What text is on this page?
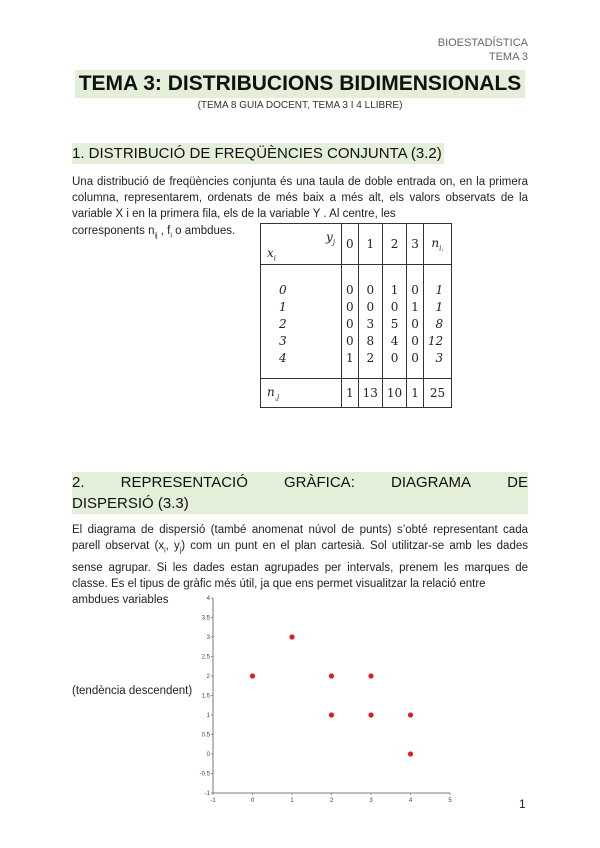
BIOESTADÍSTICA
TEMA 3
TEMA 3: DISTRIBUCIONS BIDIMENSIONALS
(TEMA 8 GUIA DOCENT, TEMA 3 I 4 LLIBRE)
1. DISTRIBUCIÓ DE FREQÜÈNCIES CONJUNTA (3.2)
Una distribució de freqüències conjunta és una taula de doble entrada on, en la primera columna, representarem, ordenats de més baix a més alt, els valors observats de la variable X i en la primera fila, els de la variable Y . Al centre, les
corresponents $n_{ij}$ , $f_i$ o ambdues.	$y_j$
$x_i$	0	1	2	3	$n_{i.}$
0	0	0	1	0	1
1	0	0	0	1	1
2	0	3	5	0	8
3	0	8	4	0	12
4	1	2	0	0	3
$n_{.j}$	1	13	10	1	25
2. REPRESENTACIÓ GRÀFICA: DIAGRAMA DE
DISPERSIÓ (3.3)
El diagrama de dispersió (també anomenat núvol de punts) s’obté representant cada parell observat ($x_i$, $y_j$) com un punt en el plan cartesià. Sol utilitzar-se amb les dades sense agrupar. Si les dades estan agrupades per intervals, prenem les marques de classe. Es el tipus de gràfic més útil, ja que ens permet visualitzar la relació entre
ambdues variables
(tendència descendent)
-1	0	1	2	3	4	5
-1
-0.5
0
0.5
1
1.5
2
2.5
3
3.5
4
1
